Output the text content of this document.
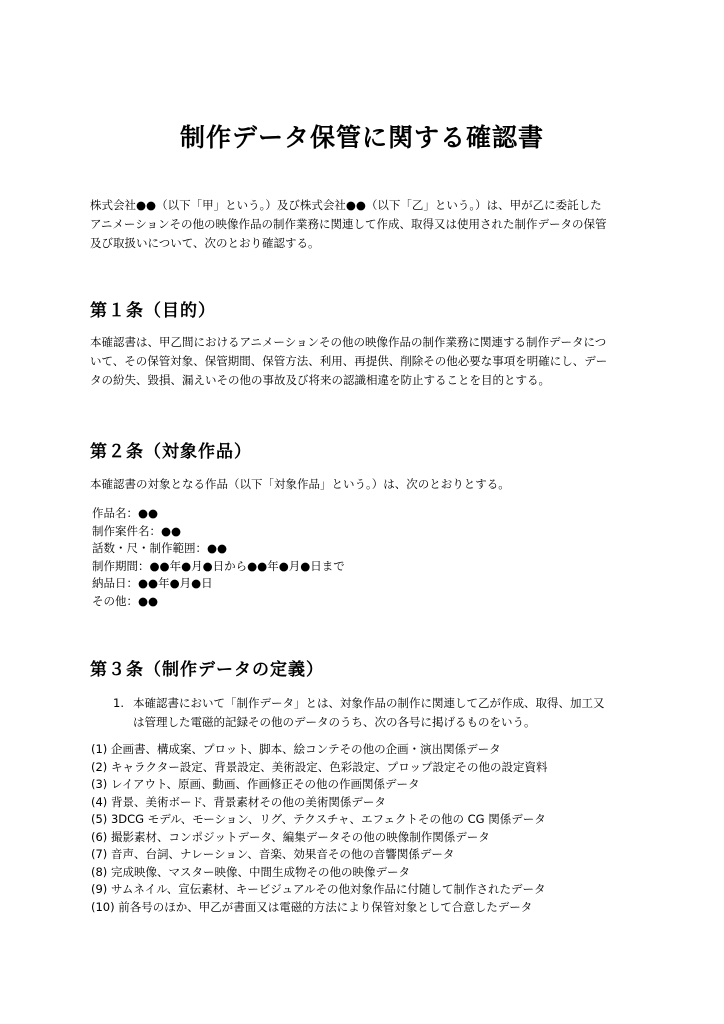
制作データ保管に関する確認書

株式会社●●（以下「甲」という。）及び株式会社●●（以下「乙」という。）は、甲が乙に委託した
アニメーションその他の映像作品の制作業務に関連して作成、取得又は使用された制作データの保管
及び取扱いについて、次のとおり確認する。

第１条（目的）

本確認書は、甲乙間におけるアニメーションその他の映像作品の制作業務に関連する制作データにつ
いて、その保管対象、保管期間、保管方法、利用、再提供、削除その他必要な事項を明確にし、デー
タの紛失、毀損、漏えいその他の事故及び将来の認識相違を防止することを目的とする。

第２条（対象作品）

本確認書の対象となる作品（以下「対象作品」という。）は、次のとおりとする。

作品名：●●
制作案件名：●●
話数・尺・制作範囲：●●
制作期間：●●年●月●日から●●年●月●日まで
納品日：●●年●月●日
その他：●●
第３条（制作データの定義）
1. 本確認書において「制作データ」とは、対象作品の制作に関連して乙が作成、取得、加工又
は管理した電磁的記録その他のデータのうち、次の各号に掲げるものをいう。
(1) 企画書、構成案、プロット、脚本、絵コンテその他の企画・演出関係データ
(2) キャラクター設定、背景設定、美術設定、色彩設定、プロップ設定その他の設定資料
(3) レイアウト、原画、動画、作画修正その他の作画関係データ
(4) 背景、美術ボード、背景素材その他の美術関係データ
(5) 3DCG モデル、モーション、リグ、テクスチャ、エフェクトその他の CG 関係データ
(6) 撮影素材、コンポジットデータ、編集データその他の映像制作関係データ
(7) 音声、台詞、ナレーション、音楽、効果音その他の音響関係データ
(8) 完成映像、マスター映像、中間生成物その他の映像データ
(9) サムネイル、宣伝素材、キービジュアルその他対象作品に付随して制作されたデータ
(10) 前各号のほか、甲乙が書面又は電磁的方法により保管対象として合意したデータ
